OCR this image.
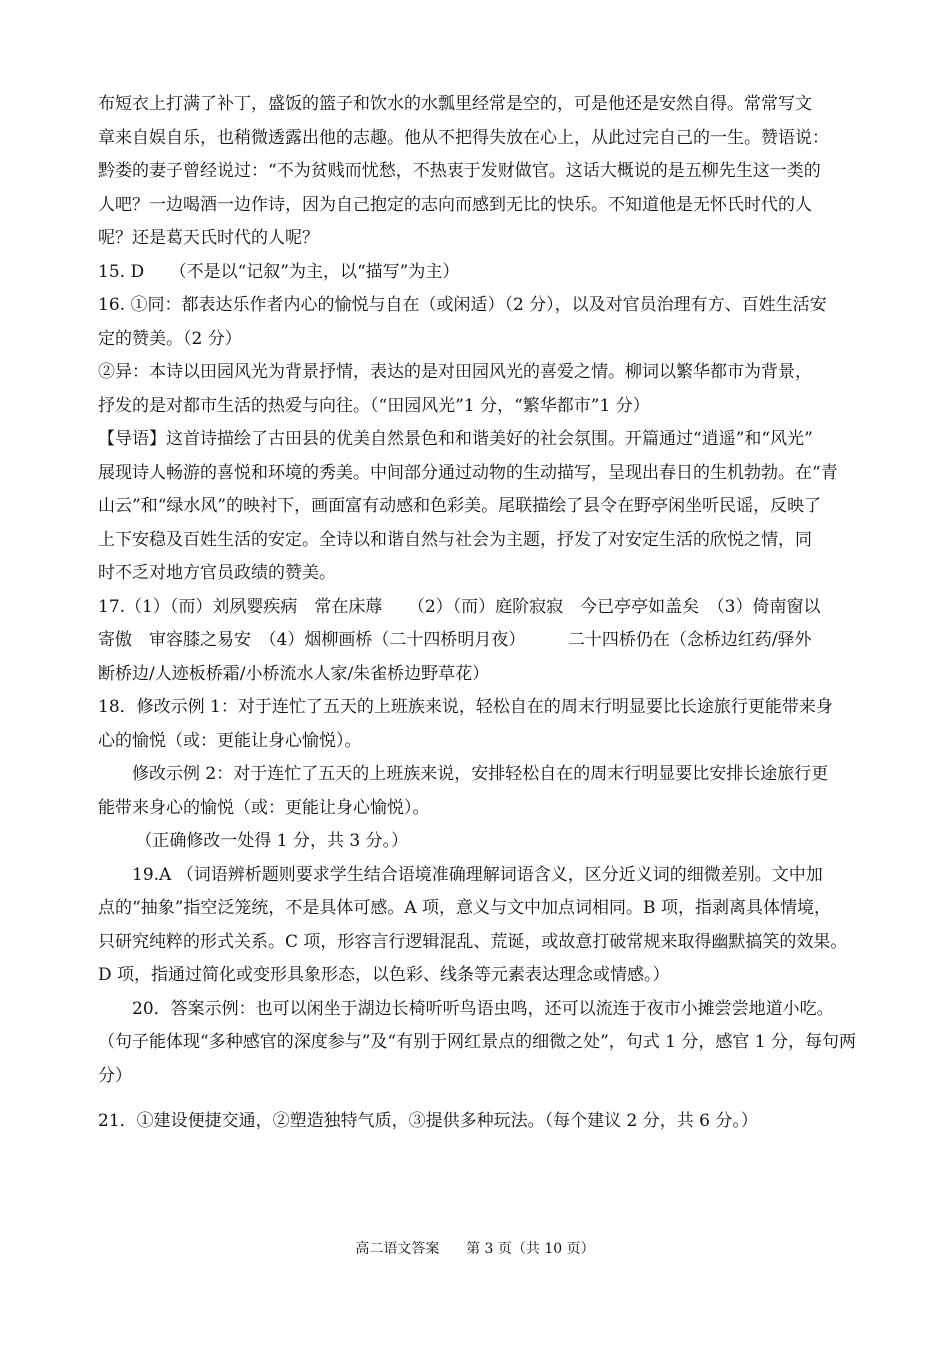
布短衣上打满了补丁，盛饭的篮子和饮水的水瓢里经常是空的，可是他还是安然自得。常常写文

章来自娱自乐，也稍微透露出他的志趣。他从不把得失放在心上，从此过完自己的一生。赞语说：

黔娄的妻子曾经说过：“不为贫贱而忧愁，不热衷于发财做官。这话大概说的是五柳先生这一类的

人吧？一边喝酒一边作诗，因为自己抱定的志向而感到无比的快乐。不知道他是无怀氏时代的人

呢？还是葛天氏时代的人呢？

15. D　　（不是以“记叙”为主，以“描写”为主）

16. ①同：都表达乐作者内心的愉悦与自在（或闲适）（2 分），以及对官员治理有方、百姓生活安

定的赞美。（2 分）

②异：本诗以田园风光为背景抒情，表达的是对田园风光的喜爱之情。柳词以繁华都市为背景，

抒发的是对都市生活的热爱与向往。（“田园风光”1 分，“繁华都市”1 分）

【导语】这首诗描绘了古田县的优美自然景色和和谐美好的社会氛围。开篇通过“逍遥”和“风光”

展现诗人畅游的喜悦和环境的秀美。中间部分通过动物的生动描写，呈现出春日的生机勃勃。在“青

山云”和“绿水风”的映衬下，画面富有动感和色彩美。尾联描绘了县令在野亭闲坐听民谣，反映了

上下安稳及百姓生活的安定。全诗以和谐自然与社会为主题，抒发了对安定生活的欣悦之情，同

时不乏对地方官员政绩的赞美。

17.（1）（而）刘夙婴疾病　常在床蓐　　（2）（而）庭阶寂寂　今已亭亭如盖矣　（3）倚南窗以

寄傲　审容膝之易安　（4）烟柳画桥（二十四桥明月夜）　　　二十四桥仍在（念桥边红药/驿外

断桥边/人迹板桥霜/小桥流水人家/朱雀桥边野草花）

18．修改示例 1：对于连忙了五天的上班族来说，轻松自在的周末行明显要比长途旅行更能带来身

心的愉悦（或：更能让身心愉悦）。

修改示例 2：对于连忙了五天的上班族来说，安排轻松自在的周末行明显要比安排长途旅行更

能带来身心的愉悦（或：更能让身心愉悦）。

（正确修改一处得 1 分，共 3 分。）

19.A （词语辨析题则要求学生结合语境准确理解词语含义，区分近义词的细微差别。文中加

点的“抽象”指空泛笼统，不是具体可感。A 项，意义与文中加点词相同。B 项，指剥离具体情境，

只研究纯粹的形式关系。C 项，形容言行逻辑混乱、荒诞，或故意打破常规来取得幽默搞笑的效果。

D 项，指通过简化或变形具象形态，以色彩、线条等元素表达理念或情感。）

20．答案示例：也可以闲坐于湖边长椅听听鸟语虫鸣，还可以流连于夜市小摊尝尝地道小吃。

（句子能体现“多种感官的深度参与”及“有别于网红景点的细微之处”，句式 1 分，感官 1 分，每句两

分）

21．①建设便捷交通，②塑造独特气质，③提供多种玩法。（每个建议 2 分，共 6 分。）

高二语文答案 第 3 页（共 10 页）
